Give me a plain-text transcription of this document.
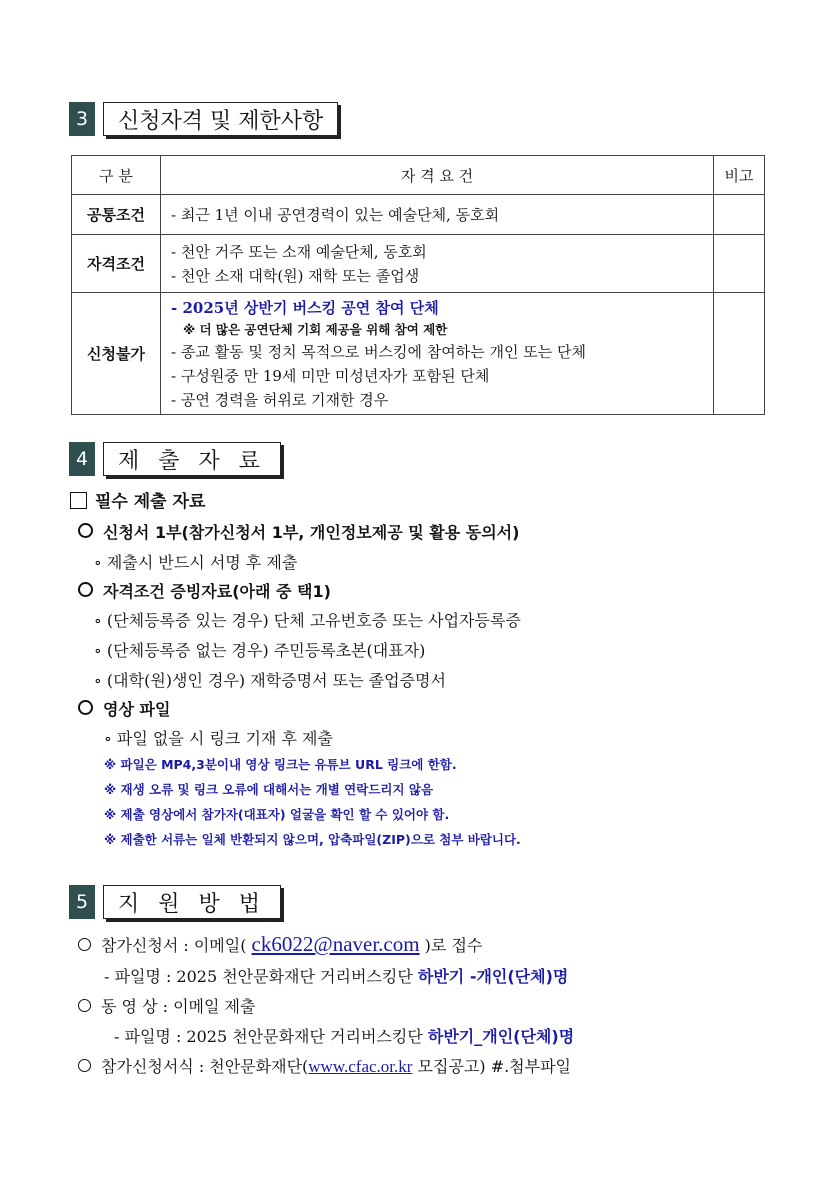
3	신청자격 및 제한사항
구 분	자 격 요 건	비고
공통조건	- 최근 1년 이내 공연경력이 있는 예술단체, 동호회	

자격조건	- 천안 거주 또는 소재 예술단체, 동호회
- 천안 소재 대학(원) 재학 또는 졸업생	

신청불가	- 2025년 상반기 버스킹 공연 참여 단체
※ 더 많은 공연단체 기회 제공을 위해 참여 제한
- 종교 활동 및 정치 목적으로 버스킹에 참여하는 개인 또는 단체
- 구성원중 만 19세 미만 미성년자가 포함된 단체
- 공연 경력을 허위로 기재한 경우	

4	제 출 자 료
필수 제출 자료
신청서 1부(참가신청서 1부, 개인정보제공 및 활용 동의서)
∘ 제출시 반드시 서명 후 제출
자격조건 증빙자료(아래 중 택1)
∘ (단체등록증 있는 경우) 단체 고유번호증 또는 사업자등록증
∘ (단체등록증 없는 경우) 주민등록초본(대표자)
∘ (대학(원)생인 경우) 재학증명서 또는 졸업증명서
영상 파일
∘ 파일 없을 시 링크 기재 후 제출
※ 파일은 MP4,3분이내 영상 링크는 유튜브 URL 링크에 한함.
※ 재생 오류 및 링크 오류에 대해서는 개별 연락드리지 않음
※ 제출 영상에서 참가자(대표자) 얼굴을 확인 할 수 있어야 함.
※ 제출한 서류는 일체 반환되지 않으며, 압축파일(ZIP)으로 첨부 바랍니다.
5	지 원 방 법
참가신청서 : 이메일( ck6022@naver.com )로 접수
- 파일명 : 2025 천안문화재단 거리버스킹단 하반기 -개인(단체)명
동 영 상 : 이메일 제출
- 파일명 : 2025 천안문화재단 거리버스킹단 하반기_개인(단체)명
참가신청서식 : 천안문화재단(www.cfac.or.kr 모집공고) #.첨부파일
